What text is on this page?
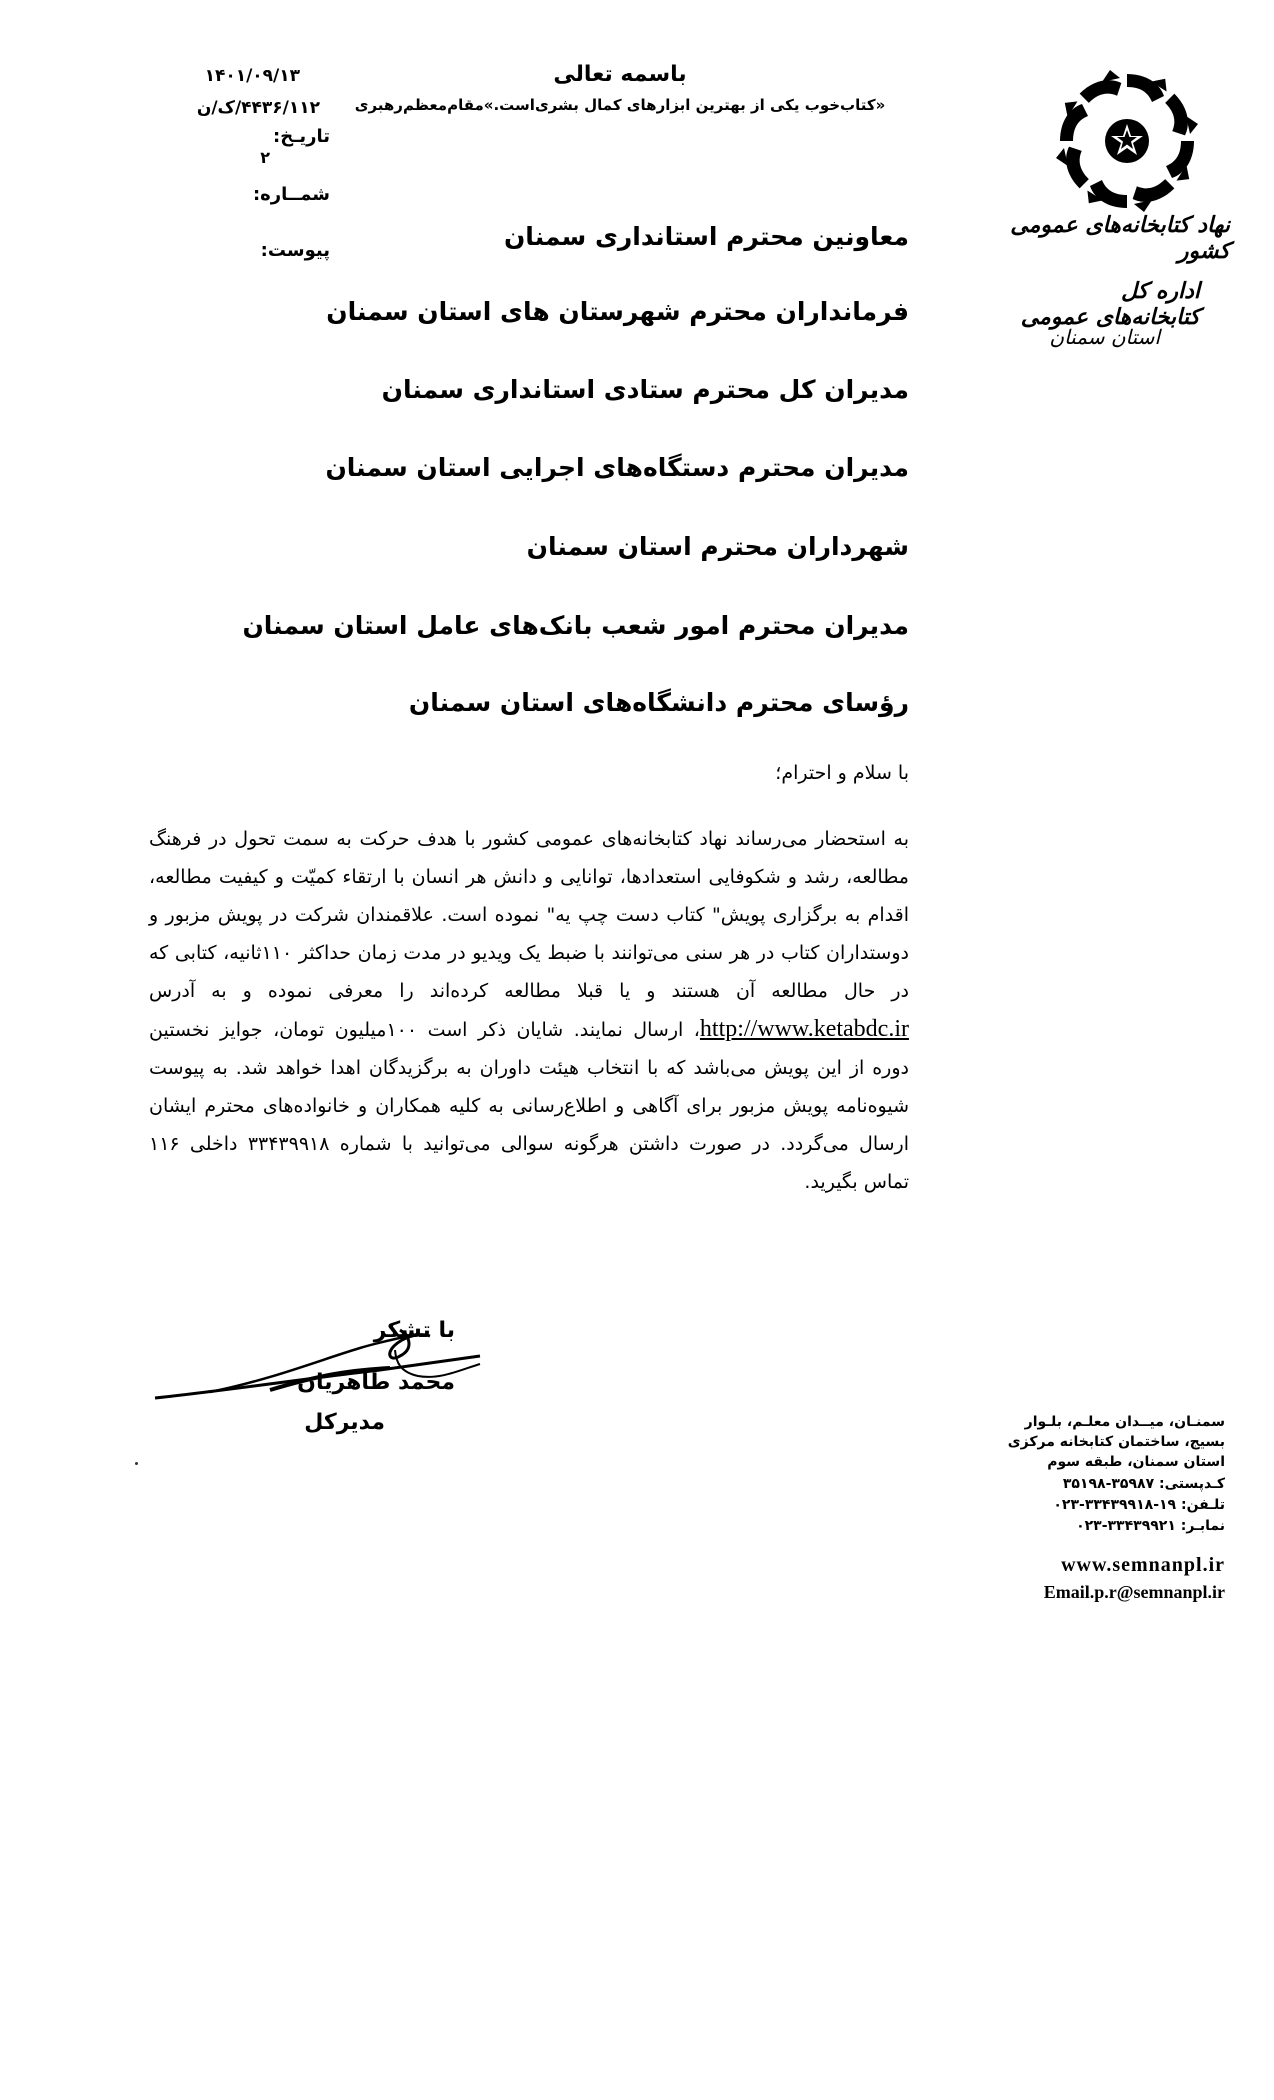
باسمه تعالی
«کتاب‌خوب یکی از بهترین ابزارهای کمال بشری‌است.»مقام‌معظم‌رهبری
۱۴۰۱/۰۹/۱۳
۴۴۳۶/۱۱۲/ک/ن
تاریـخ:
۲
شمــاره:
پیوست:
نهاد کتابخانه‌های عمومی کشور
اداره کل کتابخانه‌های عمومی
استان سمنان
معاونین محترم استانداری سمنان
فرمانداران محترم شهرستان های استان سمنان
مدیران کل محترم ستادی استانداری سمنان
مدیران محترم دستگاه‌های اجرایی استان سمنان
شهرداران محترم استان سمنان
مدیران محترم امور شعب بانک‌های عامل استان سمنان
رؤسای محترم دانشگاه‌های استان سمنان
با سلام و احترام؛
به استحضار می‌رساند نهاد کتابخانه‌های عمومی کشور با هدف حرکت به سمت تحول در فرهنگ مطالعه، رشد و شکوفایی استعدادها، توانایی و دانش هر انسان با ارتقاء کمیّت و کیفیت مطالعه، اقدام به برگزاری پویش" کتاب دست چپ یه" نموده است. علاقمندان شرکت در پویش مزبور و دوستداران کتاب در هر سنی می‌توانند با ضبط یک ویدیو در مدت زمان حداکثر ۱۱۰ثانیه، کتابی که در حال مطالعه آن هستند و یا قبلا مطالعه کرده‌اند را معرفی نموده و به آدرس http://www.ketabdc.ir، ارسال نمایند. شایان ذکر است ۱۰۰میلیون تومان، جوایز نخستین دوره از این پویش می‌باشد که با انتخاب هیئت داوران به برگزیدگان اهدا خواهد شد. به پیوست شیوه‌نامه پویش مزبور برای آگاهی و اطلاع‌رسانی به کلیه همکاران و خانواده‌های محترم ایشان ارسال می‌گردد. در صورت داشتن هرگونه سوالی می‌توانید با شماره ۳۳۴۳۹۹۱۸ داخلی ۱۱۶ تماس بگیرید.
با تشکر
محمد طاهریان
مدیرکل	سمنـان، میــدان معلـم، بلـوار
بسیج، ساختمان کتابخانه مرکزی
استان سمنان، طبقه سوم
کـدپستی: ۳۵۹۸۷-۳۵۱۹۸
تلـفن: ۱۹-۳۳۴۳۹۹۱۸-۰۲۳
نمابـر: ۳۳۴۳۹۹۲۱-۰۲۳
www.semnanpl.ir
Email.p.r@semnanpl.ir
